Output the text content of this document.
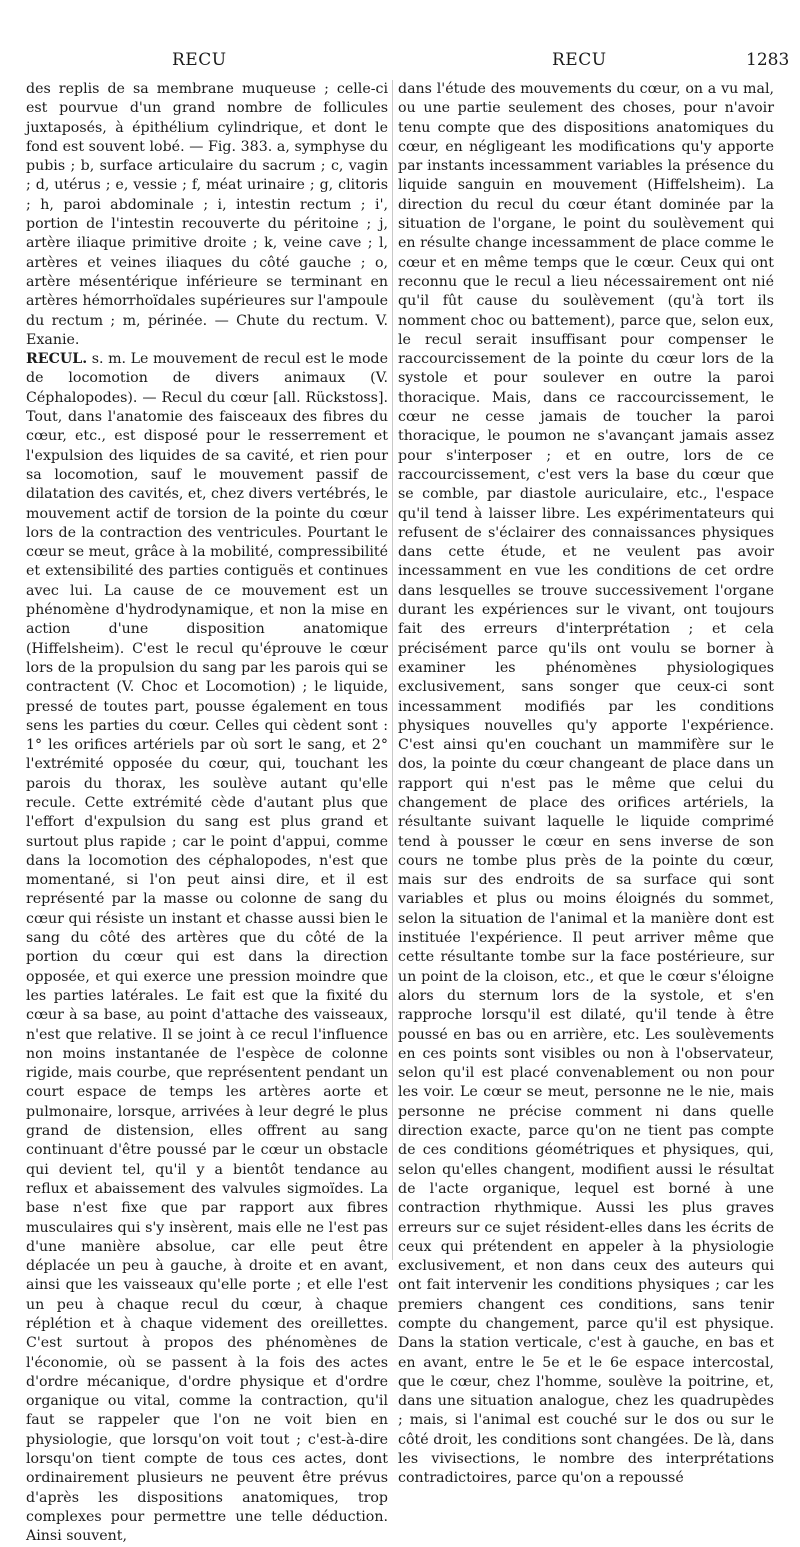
RECU	RECU	1283

des replis de sa membrane muqueuse ; celle-ci est pourvue d'un grand nombre de follicules juxtaposés, à épithélium cylindrique, et dont le fond est souvent lobé. — Fig. 383. a, symphyse du pubis ; b, surface articulaire du sacrum ; c, vagin ; d, utérus ; e, vessie ; f, méat urinaire ; g, clitoris ; h, paroi abdominale ; i, intestin rectum ; i', portion de l'intestin recouverte du péritoine ; j, artère iliaque primitive droite ; k, veine cave ; l, artères et veines iliaques du côté gauche ; o, artère mésentérique inférieure se terminant en artères hémorrhoïdales supérieures sur l'ampoule du rectum ; m, périnée. — Chute du rectum. V. Exanie.

RECUL. s. m. Le mouvement de recul est le mode de locomotion de divers animaux (V. Céphalopodes). — Recul du cœur [all. Rückstoss]. Tout, dans l'anatomie des faisceaux des fibres du cœur, etc., est disposé pour le resserrement et l'expulsion des liquides de sa cavité, et rien pour sa locomotion, sauf le mouvement passif de dilatation des cavités, et, chez divers vertébrés, le mouvement actif de torsion de la pointe du cœur lors de la contraction des ventricules. Pourtant le cœur se meut, grâce à la mobilité, compressibilité et extensibilité des parties contiguës et continues avec lui. La cause de ce mouvement est un phénomène d'hydrodynamique, et non la mise en action d'une disposition anatomique (Hiffelsheim). C'est le recul qu'éprouve le cœur lors de la propulsion du sang par les parois qui se contractent (V. Choc et Locomotion) ; le liquide, pressé de toutes part, pousse également en tous sens les parties du cœur. Celles qui cèdent sont : 1° les orifices artériels par où sort le sang, et 2° l'extrémité opposée du cœur, qui, touchant les parois du thorax, les soulève autant qu'elle recule. Cette extrémité cède d'autant plus que l'effort d'expulsion du sang est plus grand et surtout plus rapide ; car le point d'appui, comme dans la locomotion des céphalopodes, n'est que momentané, si l'on peut ainsi dire, et il est représenté par la masse ou colonne de sang du cœur qui résiste un instant et chasse aussi bien le sang du côté des artères que du côté de la portion du cœur qui est dans la direction opposée, et qui exerce une pression moindre que les parties latérales. Le fait est que la fixité du cœur à sa base, au point d'attache des vaisseaux, n'est que relative. Il se joint à ce recul l'influence non moins instantanée de l'espèce de colonne rigide, mais courbe, que représentent pendant un court espace de temps les artères aorte et pulmonaire, lorsque, arrivées à leur degré le plus grand de distension, elles offrent au sang continuant d'être poussé par le cœur un obstacle qui devient tel, qu'il y a bientôt tendance au reflux et abaissement des valvules sigmoïdes. La base n'est fixe que par rapport aux fibres musculaires qui s'y insèrent, mais elle ne l'est pas d'une manière absolue, car elle peut être déplacée un peu à gauche, à droite et en avant, ainsi que les vaisseaux qu'elle porte ; et elle l'est un peu à chaque recul du cœur, à chaque réplétion et à chaque videment des oreillettes. C'est surtout à propos des phénomènes de l'économie, où se passent à la fois des actes d'ordre mécanique, d'ordre physique et d'ordre organique ou vital, comme la contraction, qu'il faut se rappeler que l'on ne voit bien en physiologie, que lorsqu'on voit tout ; c'est-à-dire lorsqu'on tient compte de tous ces actes, dont ordinairement plusieurs ne peuvent être prévus d'après les dispositions anatomiques, trop complexes pour permettre une telle déduction. Ainsi souvent,

dans l'étude des mouvements du cœur, on a vu mal, ou une partie seulement des choses, pour n'avoir tenu compte que des dispositions anatomiques du cœur, en négligeant les modifications qu'y apporte par instants incessamment variables la présence du liquide sanguin en mouvement (Hiffelsheim). La direction du recul du cœur étant dominée par la situation de l'organe, le point du soulèvement qui en résulte change incessamment de place comme le cœur et en même temps que le cœur. Ceux qui ont reconnu que le recul a lieu nécessairement ont nié qu'il fût cause du soulèvement (qu'à tort ils nomment choc ou battement), parce que, selon eux, le recul serait insuffisant pour compenser le raccourcissement de la pointe du cœur lors de la systole et pour soulever en outre la paroi thoracique. Mais, dans ce raccourcissement, le cœur ne cesse jamais de toucher la paroi thoracique, le poumon ne s'avançant jamais assez pour s'interposer ; et en outre, lors de ce raccourcissement, c'est vers la base du cœur que se comble, par diastole auriculaire, etc., l'espace qu'il tend à laisser libre. Les expérimentateurs qui refusent de s'éclairer des connaissances physiques dans cette étude, et ne veulent pas avoir incessamment en vue les conditions de cet ordre dans lesquelles se trouve successivement l'organe durant les expériences sur le vivant, ont toujours fait des erreurs d'interprétation ; et cela précisément parce qu'ils ont voulu se borner à examiner les phénomènes physiologiques exclusivement, sans songer que ceux-ci sont incessamment modifiés par les conditions physiques nouvelles qu'y apporte l'expérience. C'est ainsi qu'en couchant un mammifère sur le dos, la pointe du cœur changeant de place dans un rapport qui n'est pas le même que celui du changement de place des orifices artériels, la résultante suivant laquelle le liquide comprimé tend à pousser le cœur en sens inverse de son cours ne tombe plus près de la pointe du cœur, mais sur des endroits de sa surface qui sont variables et plus ou moins éloignés du sommet, selon la situation de l'animal et la manière dont est instituée l'expérience. Il peut arriver même que cette résultante tombe sur la face postérieure, sur un point de la cloison, etc., et que le cœur s'éloigne alors du sternum lors de la systole, et s'en rapproche lorsqu'il est dilaté, qu'il tende à être poussé en bas ou en arrière, etc. Les soulèvements en ces points sont visibles ou non à l'observateur, selon qu'il est placé convenablement ou non pour les voir. Le cœur se meut, personne ne le nie, mais personne ne précise comment ni dans quelle direction exacte, parce qu'on ne tient pas compte de ces conditions géométriques et physiques, qui, selon qu'elles changent, modifient aussi le résultat de l'acte organique, lequel est borné à une contraction rhythmique. Aussi les plus graves erreurs sur ce sujet résident-elles dans les écrits de ceux qui prétendent en appeler à la physiologie exclusivement, et non dans ceux des auteurs qui ont fait intervenir les conditions physiques ; car les premiers changent ces conditions, sans tenir compte du changement, parce qu'il est physique. Dans la station verticale, c'est à gauche, en bas et en avant, entre le 5e et le 6e espace intercostal, que le cœur, chez l'homme, soulève la poitrine, et, dans une situation analogue, chez les quadrupèdes ; mais, si l'animal est couché sur le dos ou sur le côté droit, les conditions sont changées. De là, dans les vivisections, le nombre des interprétations contradictoires, parce qu'on a repoussé
